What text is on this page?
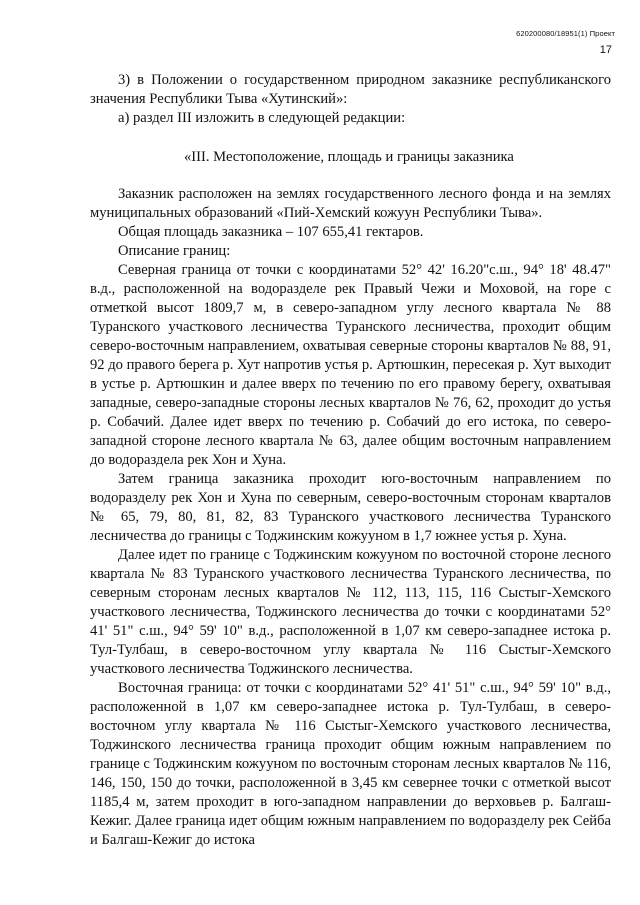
620200080/18951(1) Проект
17

3) в Положении о государственном природном заказнике республиканского значения Республики Тыва «Хутинский»:

а) раздел III изложить в следующей редакции:

«III. Местоположение, площадь и границы заказника

Заказник расположен на землях государственного лесного фонда и на землях муниципальных образований «Пий-Хемский кожуун Республики Тыва».

Общая площадь заказника – 107 655,41 гектаров.

Описание границ:

Северная граница от точки с координатами 52° 42' 16.20"с.ш., 94° 18' 48.47" в.д., расположенной на водоразделе рек Правый Чежи и Моховой, на горе с отметкой высот 1809,7 м, в северо-западном углу лесного квартала № 88 Туранского участкового лесничества Туранского лесничества, проходит общим северо-восточным направлением, охватывая северные стороны кварталов № 88, 91, 92 до правого берега р. Хут напротив устья р. Артюшкин, пересекая р. Хут выходит в устье р. Артюшкин и далее вверх по течению по его правому берегу, охватывая западные, северо-западные стороны лесных кварталов № 76, 62, проходит до устья р. Собачий. Далее идет вверх по течению р. Собачий до его истока, по северо-западной стороне лесного квартала № 63, далее общим восточным направлением до водораздела рек Хон и Хуна.

Затем граница заказника проходит юго-восточным направлением по водоразделу рек Хон и Хуна по северным, северо-восточным сторонам кварталов № 65, 79, 80, 81, 82, 83 Туранского участкового лесничества Туранского лесничества до границы с Тоджинским кожууном в 1,7 южнее устья р. Хуна.

Далее идет по границе с Тоджинским кожууном по восточной стороне лесного квартала № 83 Туранского участкового лесничества Туранского лесничества, по северным сторонам лесных кварталов № 112, 113, 115, 116 Сыстыг-Хемского участкового лесничества, Тоджинского лесничества до точки с координатами 52° 41' 51" с.ш., 94° 59' 10" в.д., расположенной в 1,07 км северо-западнее истока р. Тул-Тулбаш, в северо-восточном углу квартала № 116 Сыстыг-Хемского участкового лесничества Тоджинского лесничества.

Восточная граница: от точки с координатами 52° 41' 51" с.ш., 94° 59' 10" в.д., расположенной в 1,07 км северо-западнее истока р. Тул-Тулбаш, в северо-восточном углу квартала № 116 Сыстыг-Хемского участкового лесничества, Тоджинского лесничества граница проходит общим южным направлением по границе с Тоджинским кожууном по восточным сторонам лесных кварталов № 116, 146, 150, 150 до точки, расположенной в 3,45 км севернее точки с отметкой высот 1185,4 м, затем проходит в юго-западном направлении до верховьев р. Балгаш-Кежиг. Далее граница идет общим южным направлением по водоразделу рек Сейба и Балгаш-Кежиг до истока
